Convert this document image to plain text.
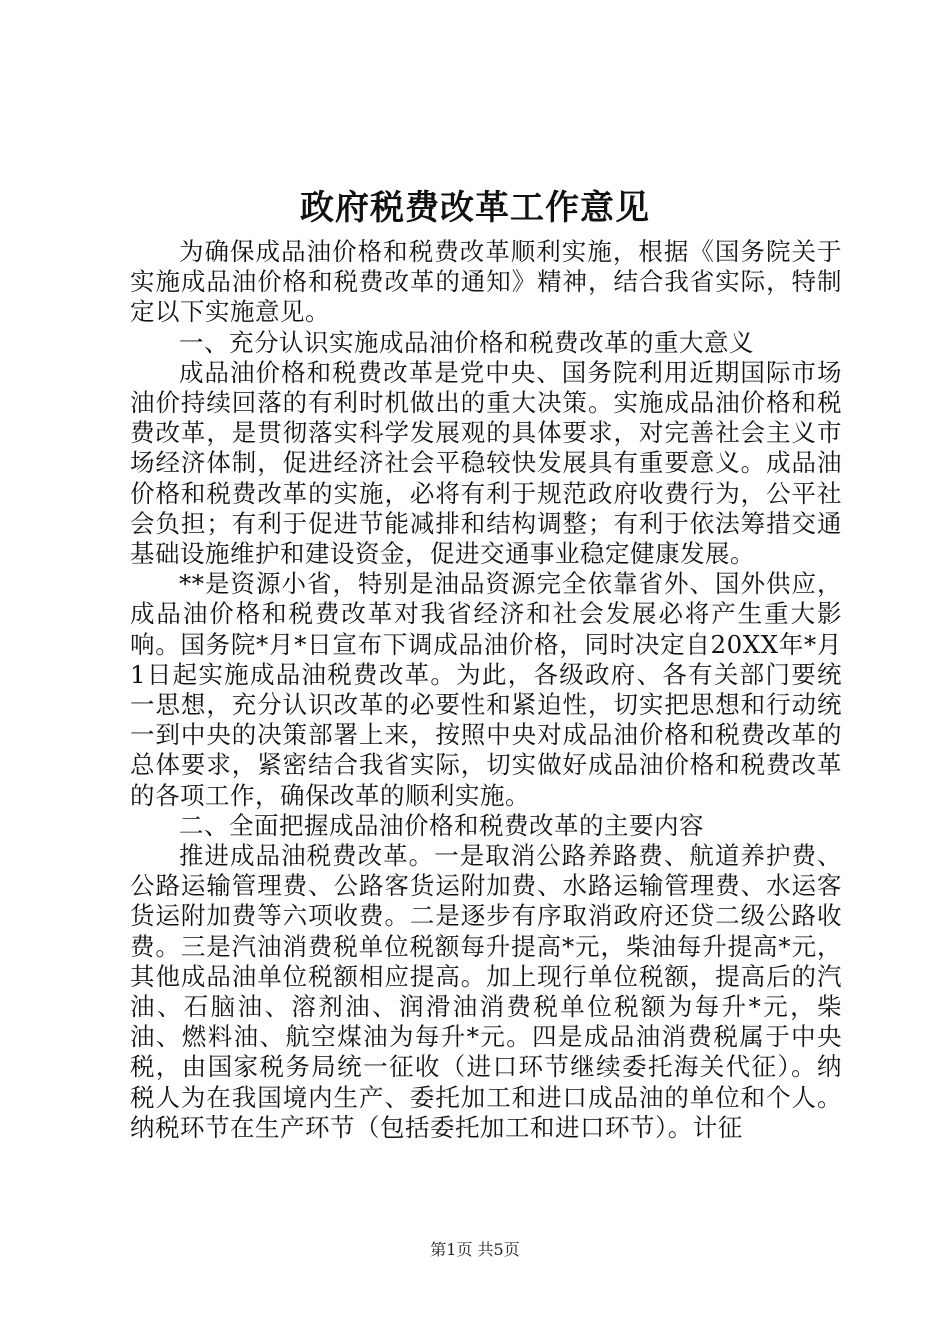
政府税费改革工作意见

为确保成品油价格和税费改革顺利实施，根据《国务院关于实施成品油价格和税费改革的通知》精神，结合我省实际，特制定以下实施意见。

一、充分认识实施成品油价格和税费改革的重大意义

成品油价格和税费改革是党中央、国务院利用近期国际市场油价持续回落的有利时机做出的重大决策。实施成品油价格和税费改革，是贯彻落实科学发展观的具体要求，对完善社会主义市场经济体制，促进经济社会平稳较快发展具有重要意义。成品油价格和税费改革的实施，必将有利于规范政府收费行为，公平社会负担；有利于促进节能减排和结构调整；有利于依法筹措交通基础设施维护和建设资金，促进交通事业稳定健康发展。

**是资源小省，特别是油品资源完全依靠省外、国外供应，成品油价格和税费改革对我省经济和社会发展必将产生重大影响。国务院*月*日宣布下调成品油价格，同时决定自20XX年*月1日起实施成品油税费改革。为此，各级政府、各有关部门要统一思想，充分认识改革的必要性和紧迫性，切实把思想和行动统一到中央的决策部署上来，按照中央对成品油价格和税费改革的总体要求，紧密结合我省实际，切实做好成品油价格和税费改革的各项工作，确保改革的顺利实施。

二、全面把握成品油价格和税费改革的主要内容

推进成品油税费改革。一是取消公路养路费、航道养护费、公路运输管理费、公路客货运附加费、水路运输管理费、水运客货运附加费等六项收费。二是逐步有序取消政府还贷二级公路收费。三是汽油消费税单位税额每升提高*元，柴油每升提高*元，其他成品油单位税额相应提高。加上现行单位税额，提高后的汽油、石脑油、溶剂油、润滑油消费税单位税额为每升*元，柴油、燃料油、航空煤油为每升*元。四是成品油消费税属于中央税，由国家税务局统一征收（进口环节继续委托海关代征）。纳税人为在我国境内生产、委托加工和进口成品油的单位和个人。纳税环节在生产环节（包括委托加工和进口环节）。计征

第1页 共5页
